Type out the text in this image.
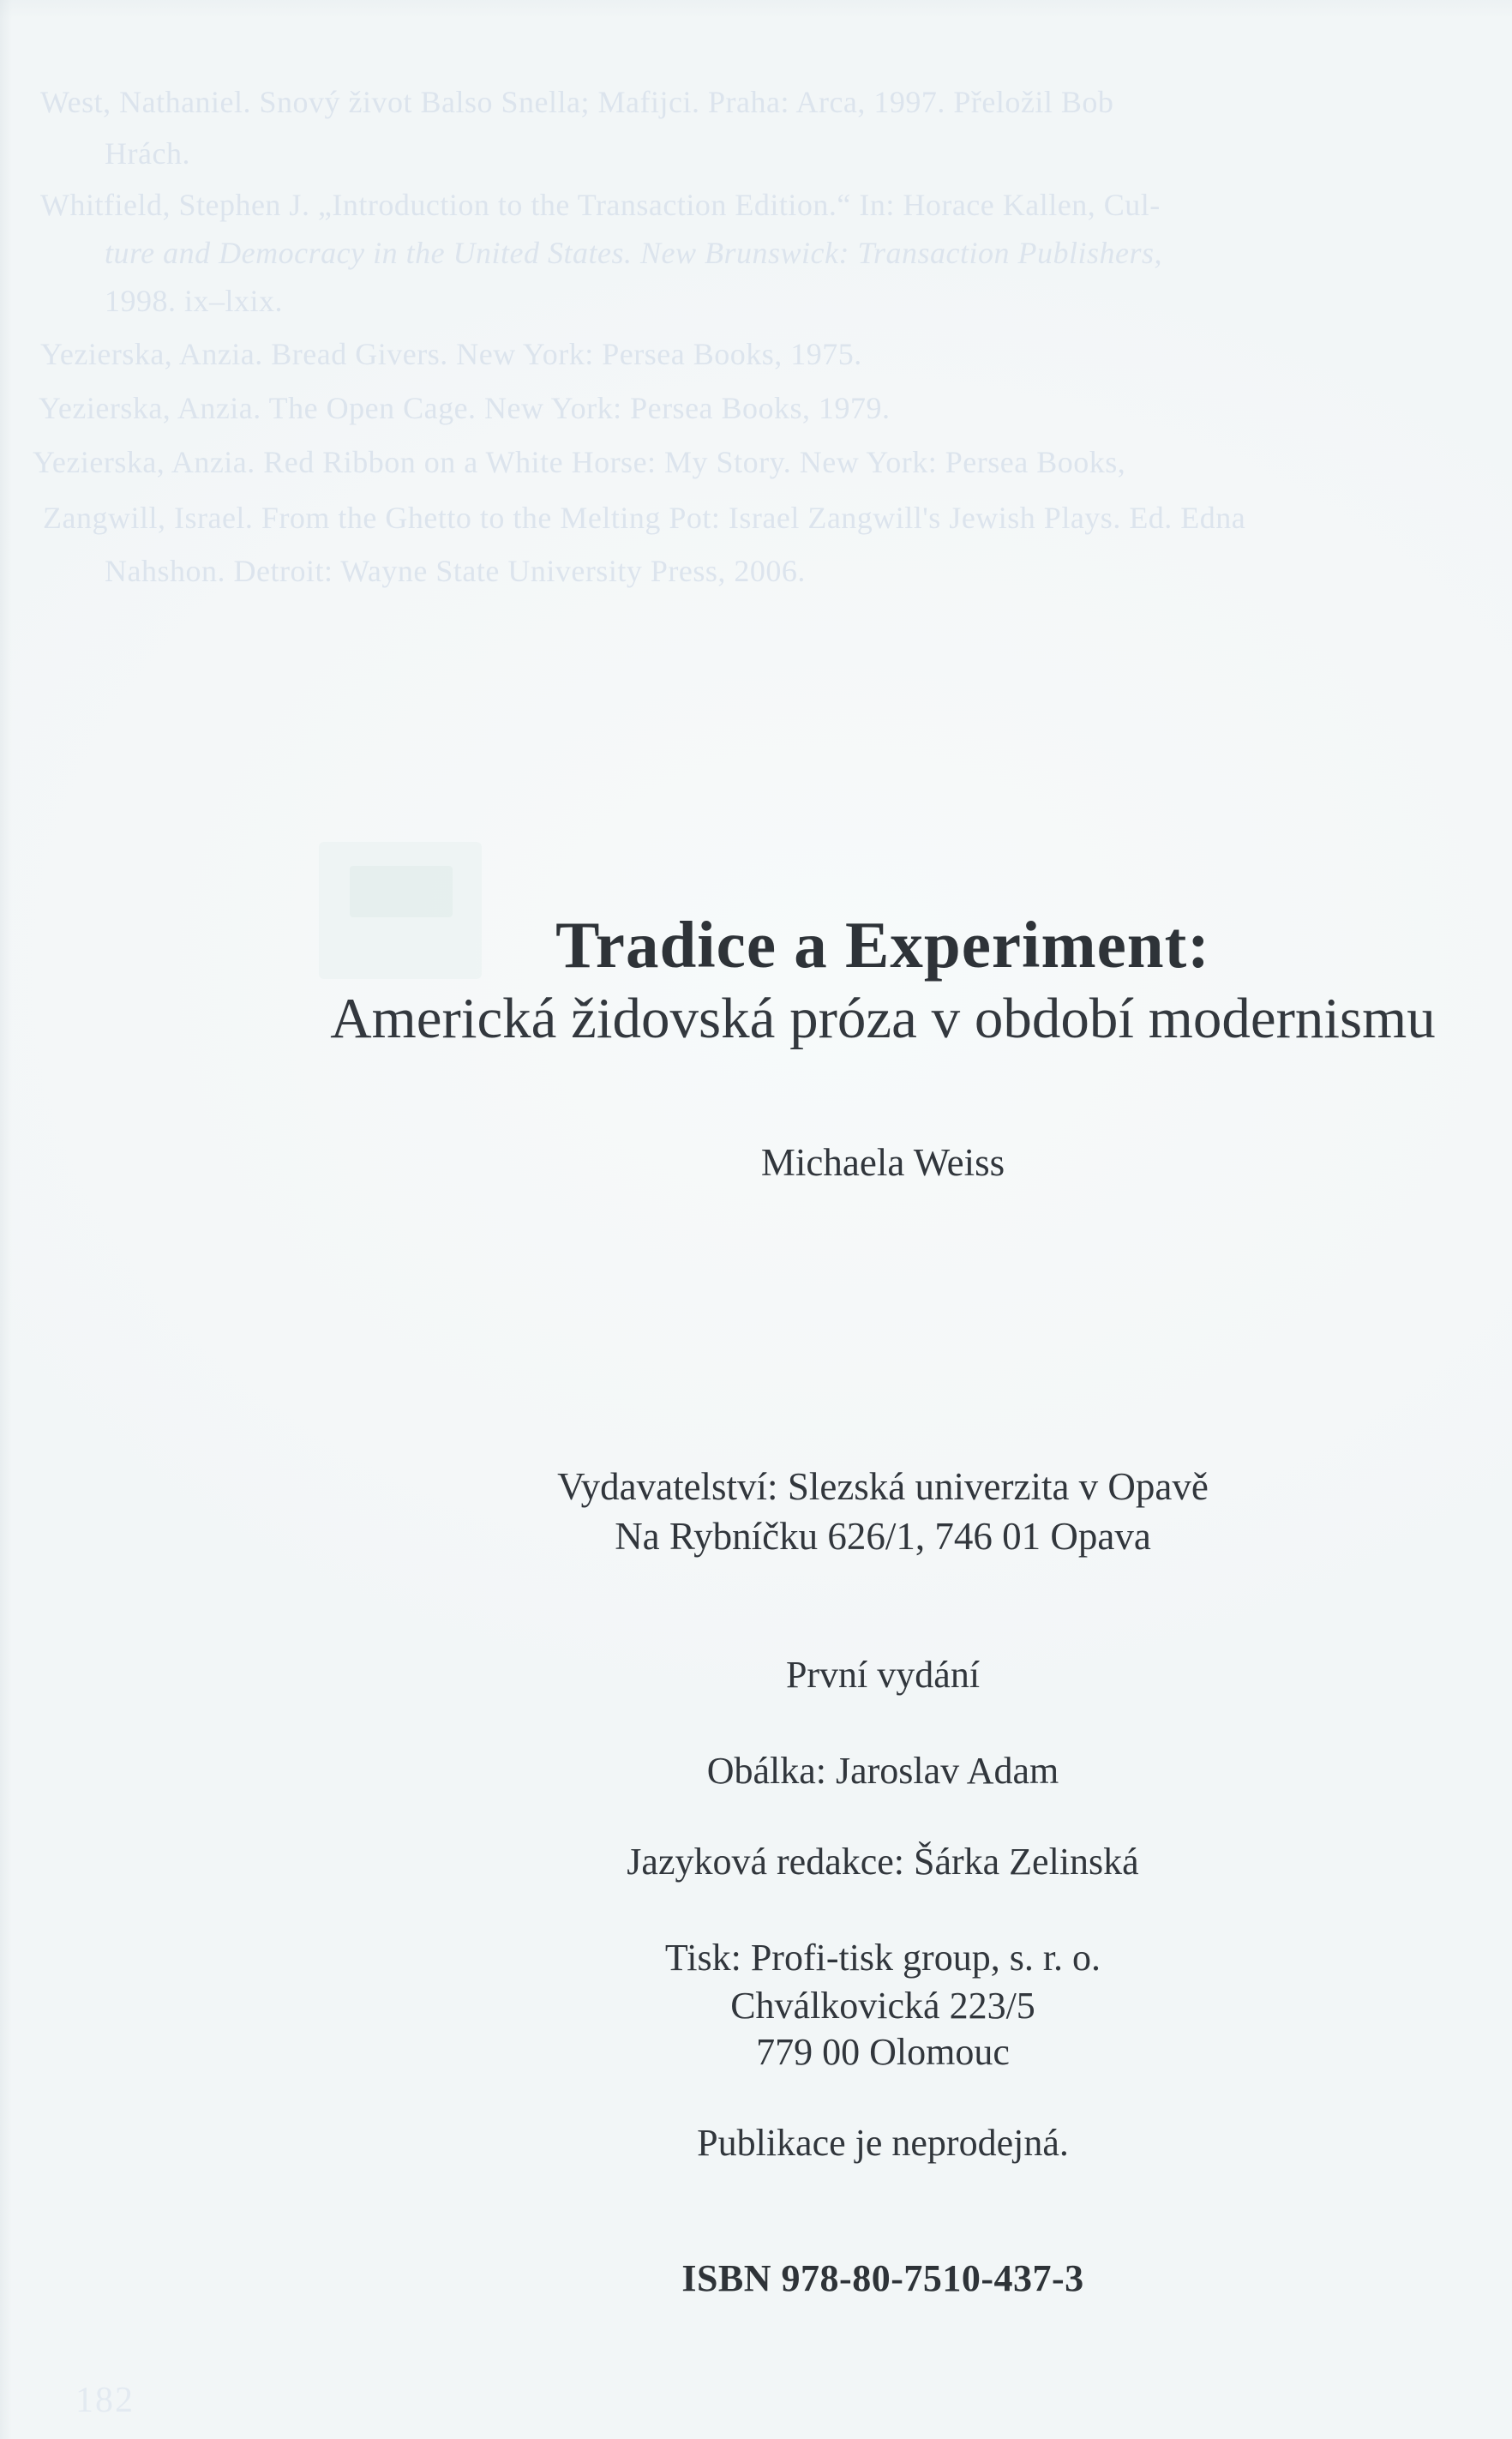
West, Nathaniel. Snový život Balso Snella; Mafijci. Praha: Arca, 1997. Přeložil Bob
Hrách.
Whitfield, Stephen J. „Introduction to the Transaction Edition.“ In: Horace Kallen, Cul-
ture and Democracy in the United States. New Brunswick: Transaction Publishers,
1998. ix–lxix.
Yezierska, Anzia. Bread Givers. New York: Persea Books, 1975.
Yezierska, Anzia. The Open Cage. New York: Persea Books, 1979.
Yezierska, Anzia. Red Ribbon on a White Horse: My Story. New York: Persea Books,
Zangwill, Israel. From the Ghetto to the Melting Pot: Israel Zangwill's Jewish Plays. Ed. Edna
Nahshon. Detroit: Wayne State University Press, 2006.
Tradice a Experiment:
Americká židovská próza v období modernismu
Michaela Weiss
Vydavatelství: Slezská univerzita v Opavě
Na Rybníčku 626/1, 746 01 Opava
První vydání
Obálka: Jaroslav Adam
Jazyková redakce: Šárka Zelinská
Tisk: Profi-tisk group, s. r. o.
Chválkovická 223/5
779 00 Olomouc
Publikace je neprodejná.
ISBN 978-80-7510-437-3
182
